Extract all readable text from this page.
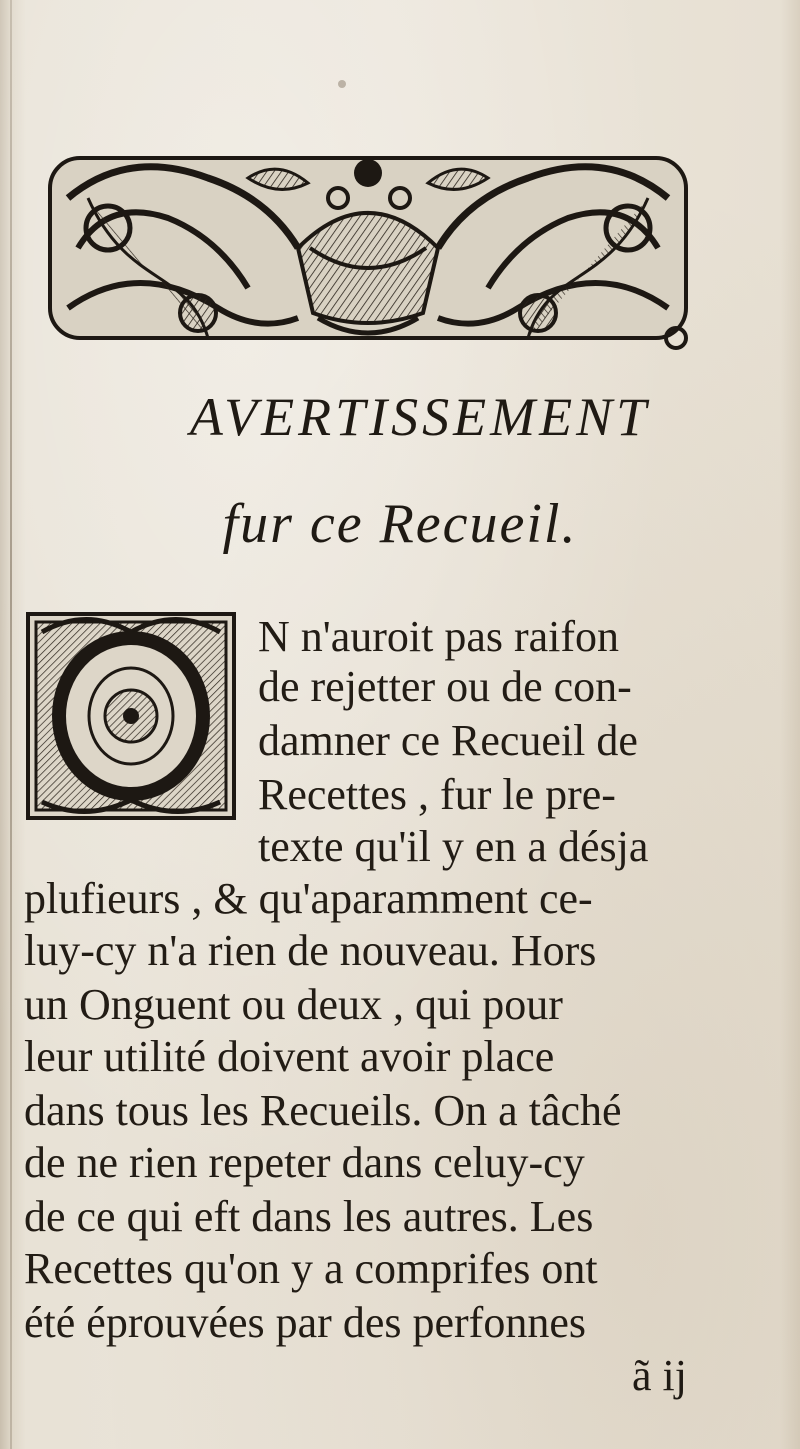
AVERTISSEMENT
fur ce Recueil.

N n'auroit pas raifon

de rejetter ou de con-

damner ce Recueil de

Recettes , fur le pre-

texte qu'il y en a désja

plufieurs , & qu'aparamment ce-

luy-cy n'a rien de nouveau. Hors

un Onguent ou deux , qui pour

leur utilité doivent avoir place

dans tous les Recueils. On a tâché

de ne rien repeter dans celuy-cy

de ce qui eft dans les autres. Les

Recettes qu'on y a comprifes ont

été éprouvées par des perfonnes

ã ij
